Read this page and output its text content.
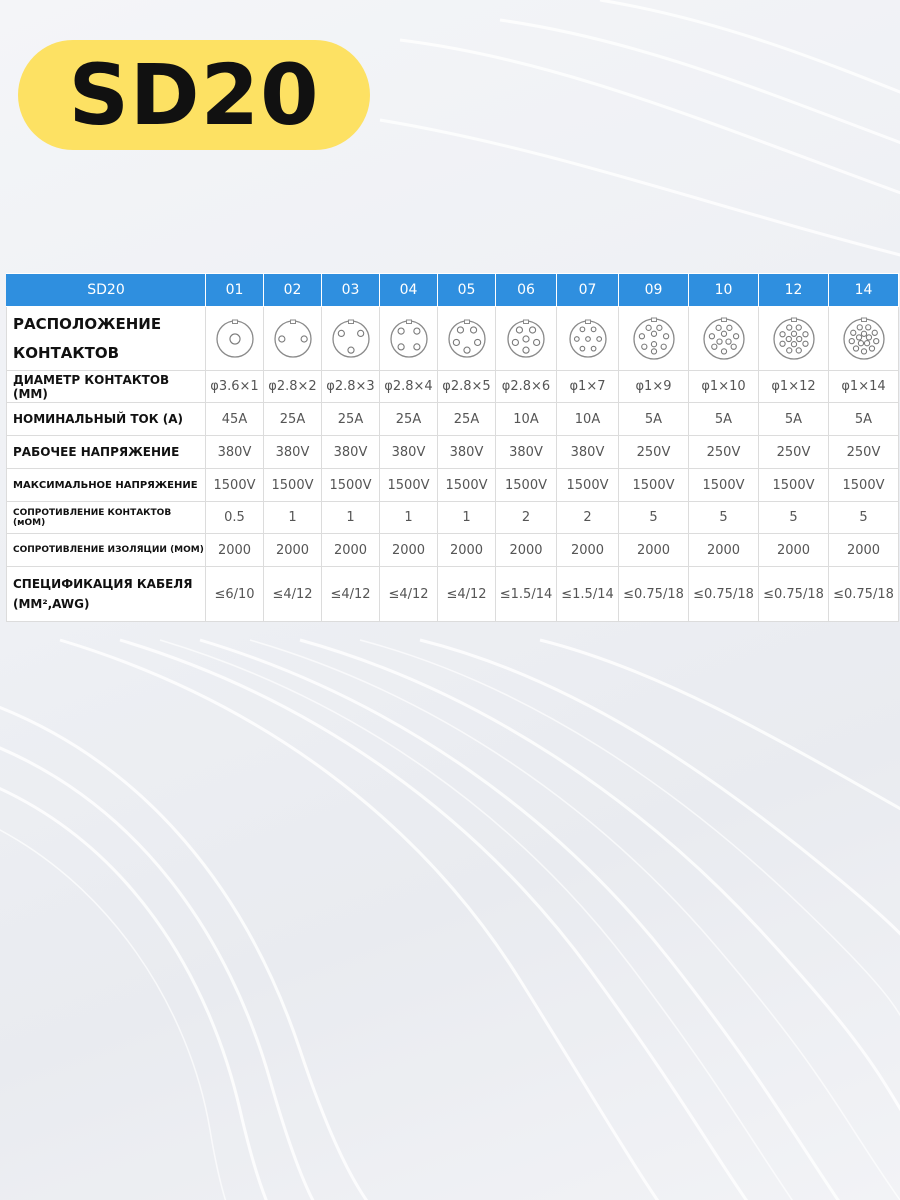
SD20
SD20	01	02	03	04	05	06	07	09	10	12	14
РАСПОЛОЖЕНИЕ КОНТАКТОВ	

ДИАМЕТР КОНТАКТОВ (ММ)	φ3.6×1	φ2.8×2	φ2.8×3	φ2.8×4	φ2.8×5	φ2.8×6	φ1×7	φ1×9	φ1×10	φ1×12	φ1×14
НОМИНАЛЬНЫЙ ТОК (А)	45A	25A	25A	25A	25A	10A	10A	5A	5A	5A	5A
РАБОЧЕЕ НАПРЯЖЕНИЕ	380V	380V	380V	380V	380V	380V	380V	250V	250V	250V	250V
МАКСИМАЛЬНОЕ НАПРЯЖЕНИЕ	1500V	1500V	1500V	1500V	1500V	1500V	1500V	1500V	1500V	1500V	1500V
СОПРОТИВЛЕНИЕ КОНТАКТОВ (мОМ)	0.5	1	1	1	1	2	2	5	5	5	5
СОПРОТИВЛЕНИЕ ИЗОЛЯЦИИ (МОМ)	2000	2000	2000	2000	2000	2000	2000	2000	2000	2000	2000
СПЕЦИФИКАЦИЯ КАБЕЛЯ (ММ²,AWG)	≤6/10	≤4/12	≤4/12	≤4/12	≤4/12	≤1.5/14	≤1.5/14	≤0.75/18	≤0.75/18	≤0.75/18	≤0.75/18
